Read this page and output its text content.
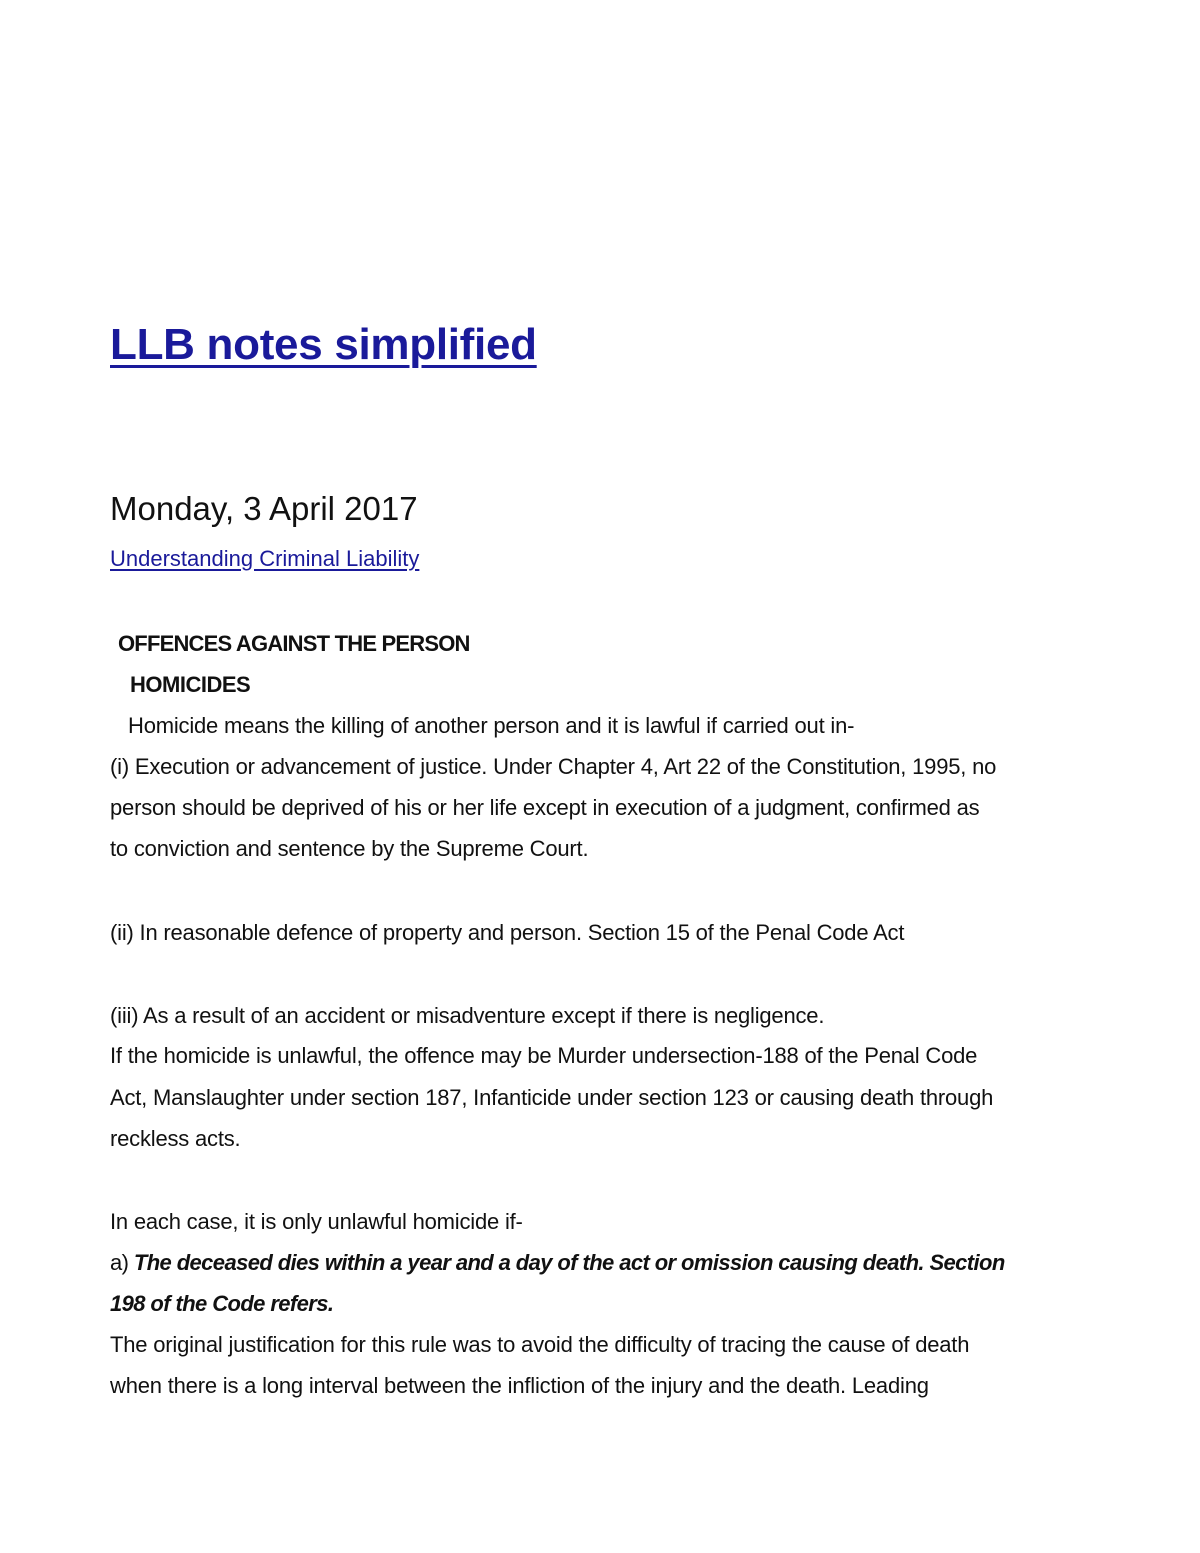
LLB notes simplified
Monday, 3 April 2017
Understanding Criminal Liability
OFFENCES AGAINST THE PERSON
HOMICIDES
Homicide means the killing of another person and it is lawful if carried out in-
(i) Execution or advancement of justice. Under Chapter 4, Art 22 of the Constitution, 1995, no
person should be deprived of his or her life except in execution of a judgment, confirmed as
to conviction and sentence by the Supreme Court.
(ii) In reasonable defence of property and person. Section 15 of the Penal Code Act
(iii) As a result of an accident or misadventure except if there is negligence.
If the homicide is unlawful, the offence may be Murder undersection-188 of the Penal Code
Act, Manslaughter under section 187, Infanticide under section 123 or causing death through
reckless acts.
In each case, it is only unlawful homicide if-
a) The deceased dies within a year and a day of the act or omission causing death. Section
198 of the Code refers.
The original justification for this rule was to avoid the difficulty of tracing the cause of death
when there is a long interval between the infliction of the injury and the death. Leading
